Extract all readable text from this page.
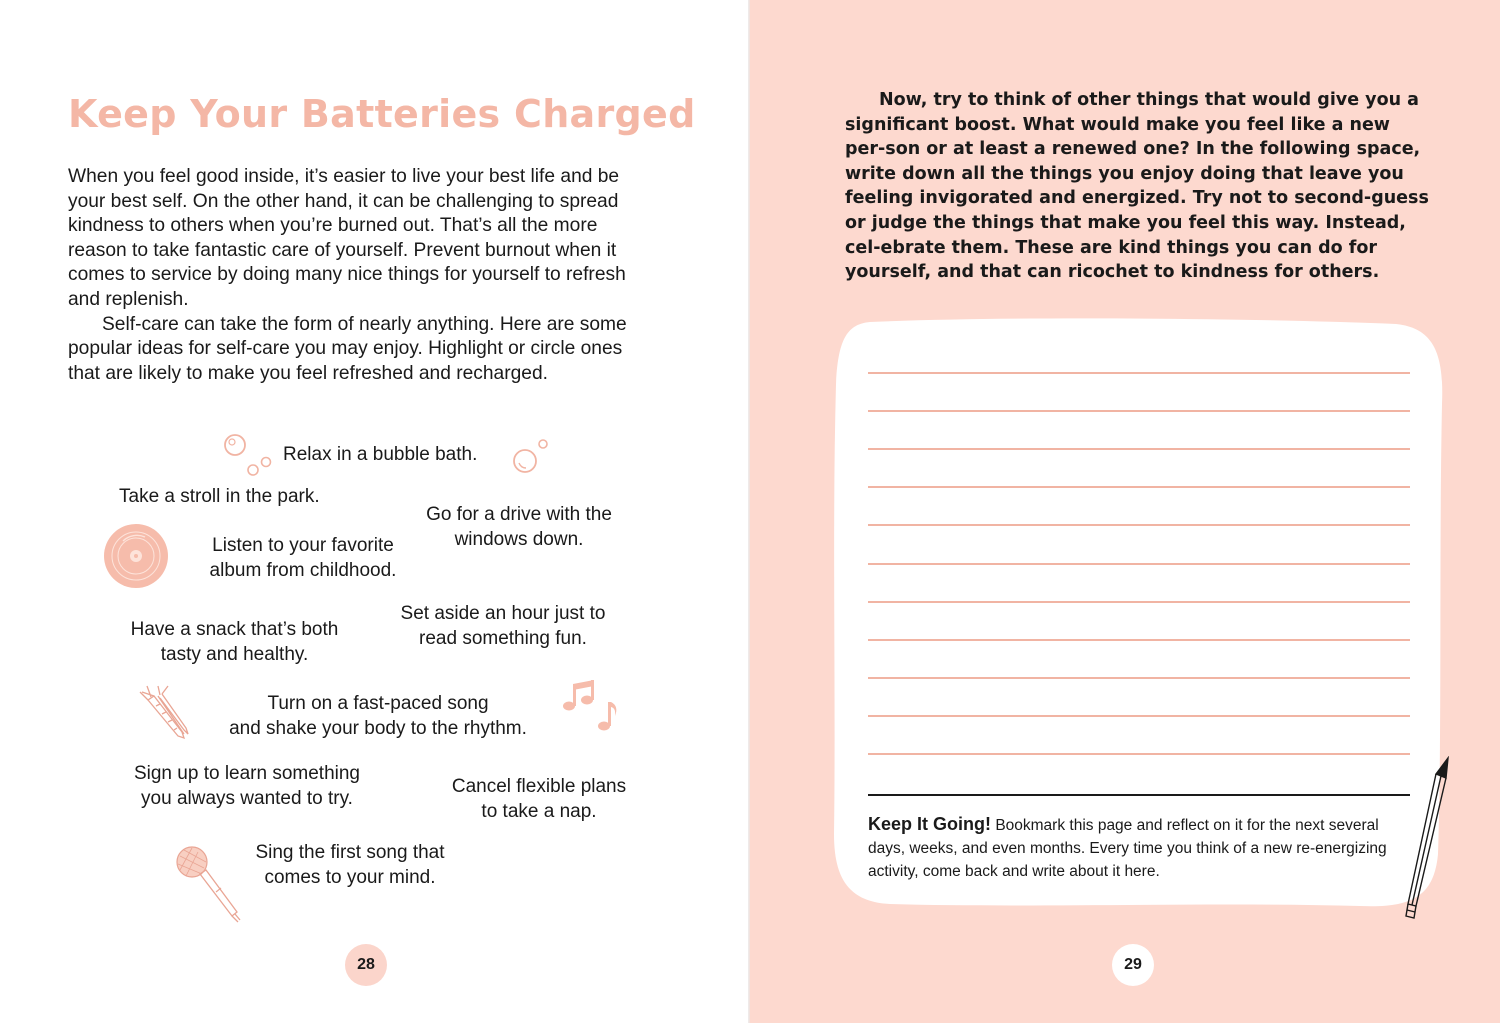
Keep Your Batteries Charged

When you feel good inside, it’s easier to live your best life and be your best self. On the other hand, it can be challenging to spread kindness to others when you’re burned out. That’s all the more reason to take fantastic care of yourself. Prevent burnout when it comes to service by doing many nice things for yourself to refresh and replenish.

Self-care can take the form of nearly anything. Here are some popular ideas for self-care you may enjoy. Highlight or circle ones that are likely to make you feel refreshed and recharged.

Relax in a bubble bath.
Take a stroll in the park.
Go for a drive with the
windows down.
Listen to your favorite
album from childhood.
Set aside an hour just to
read something fun.
Have a snack that’s both
tasty and healthy.
Turn on a fast-paced song
and shake your body to the rhythm.
Sign up to learn something
you always wanted to try.
Cancel flexible plans
to take a nap.
Sing the first song that
comes to your mind.
28

Now, try to think of other things that would give you a significant boost. What would make you feel like a new per-son or at least a renewed one? In the following space, write down all the things you enjoy doing that leave you feeling invigorated and energized. Try not to second-guess or judge the things that make you feel this way. Instead, cel-ebrate them. These are kind things you can do for yourself, and that can ricochet to kindness for others.

Keep It Going! Bookmark this page and reflect on it for the next several days, weeks, and even months. Every time you think of a new re-energizing activity, come back and write about it here.

29
